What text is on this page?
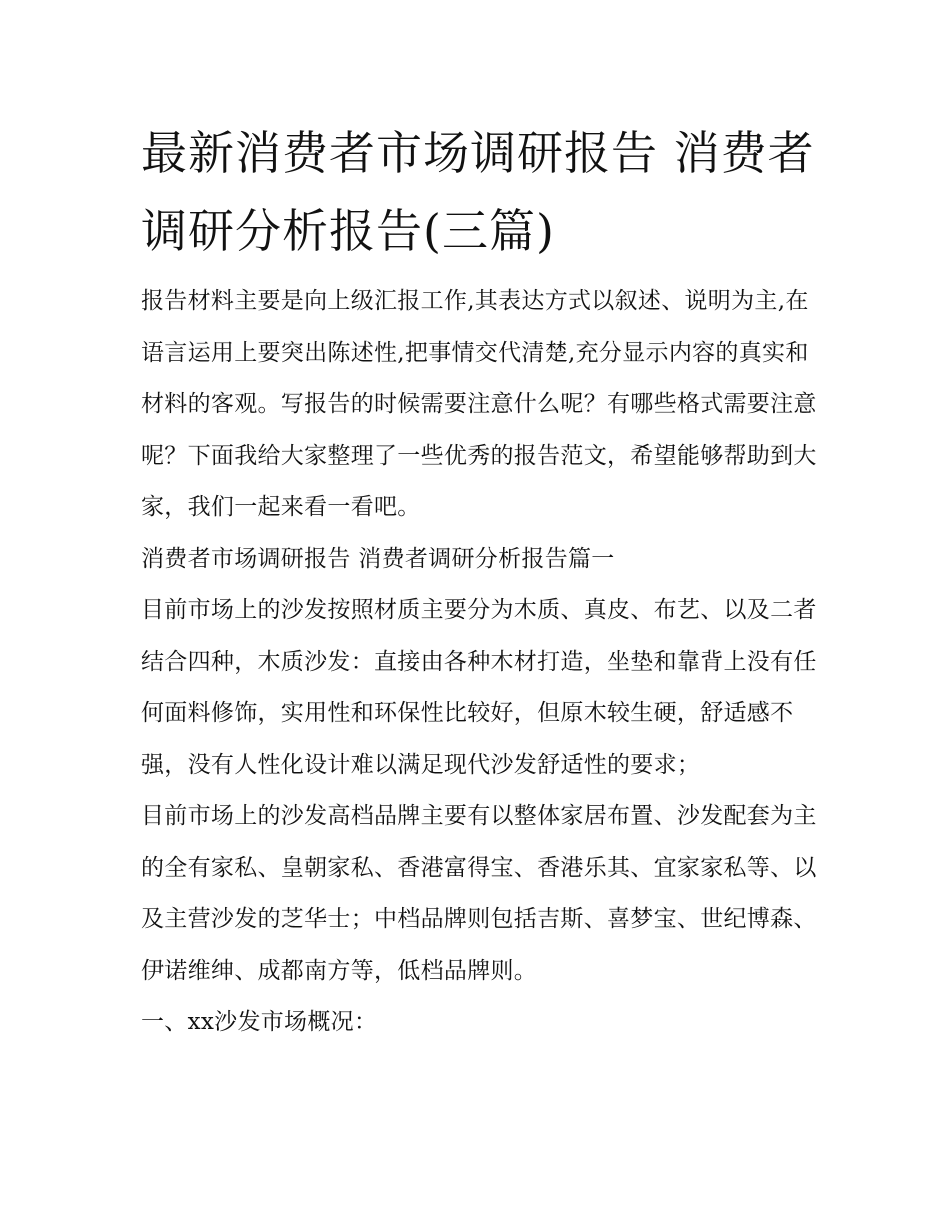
最新消费者市场调研报告 消费者调研分析报告(三篇)

报告材料主要是向上级汇报工作,其表达方式以叙述、说明为主,在语言运用上要突出陈述性,把事情交代清楚,充分显示内容的真实和材料的客观。写报告的时候需要注意什么呢？有哪些格式需要注意呢？下面我给大家整理了一些优秀的报告范文，希望能够帮助到大家，我们一起来看一看吧。

消费者市场调研报告 消费者调研分析报告篇一

目前市场上的沙发按照材质主要分为木质、真皮、布艺、以及二者结合四种，木质沙发：直接由各种木材打造，坐垫和靠背上没有任何面料修饰，实用性和环保性比较好，但原木较生硬，舒适感不强，没有人性化设计难以满足现代沙发舒适性的要求；

目前市场上的沙发高档品牌主要有以整体家居布置、沙发配套为主的全有家私、皇朝家私、香港富得宝、香港乐其、宜家家私等、以及主营沙发的芝华士；中档品牌则包括吉斯、喜梦宝、世纪博森、伊诺维绅、成都南方等，低档品牌则。

一、xx沙发市场概况：
